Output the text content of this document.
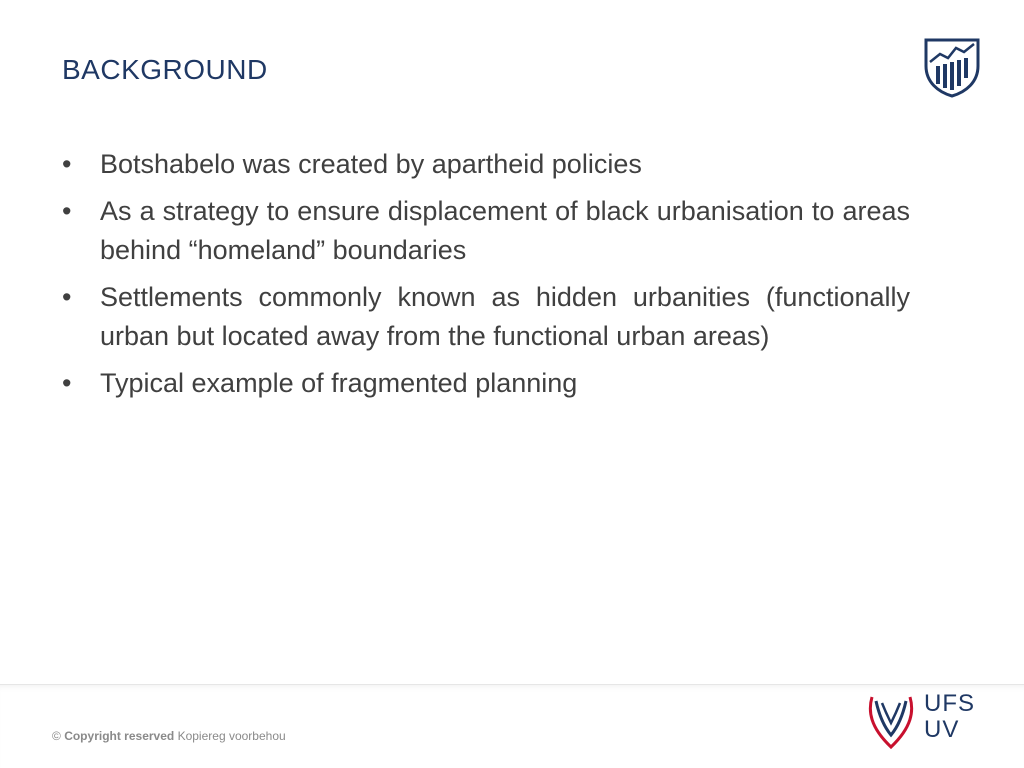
BACKGROUND
•	Botshabelo was created by apartheid policies
•	As a strategy to ensure displacement of black urbanisation to areas behind “homeland” boundaries
•	Settlements commonly known as hidden urbanities (functionally urban but located away from the functional urban areas)
•	Typical example of fragmented planning
© Copyright reserved Kopiereg voorbehou
UFS
UV
